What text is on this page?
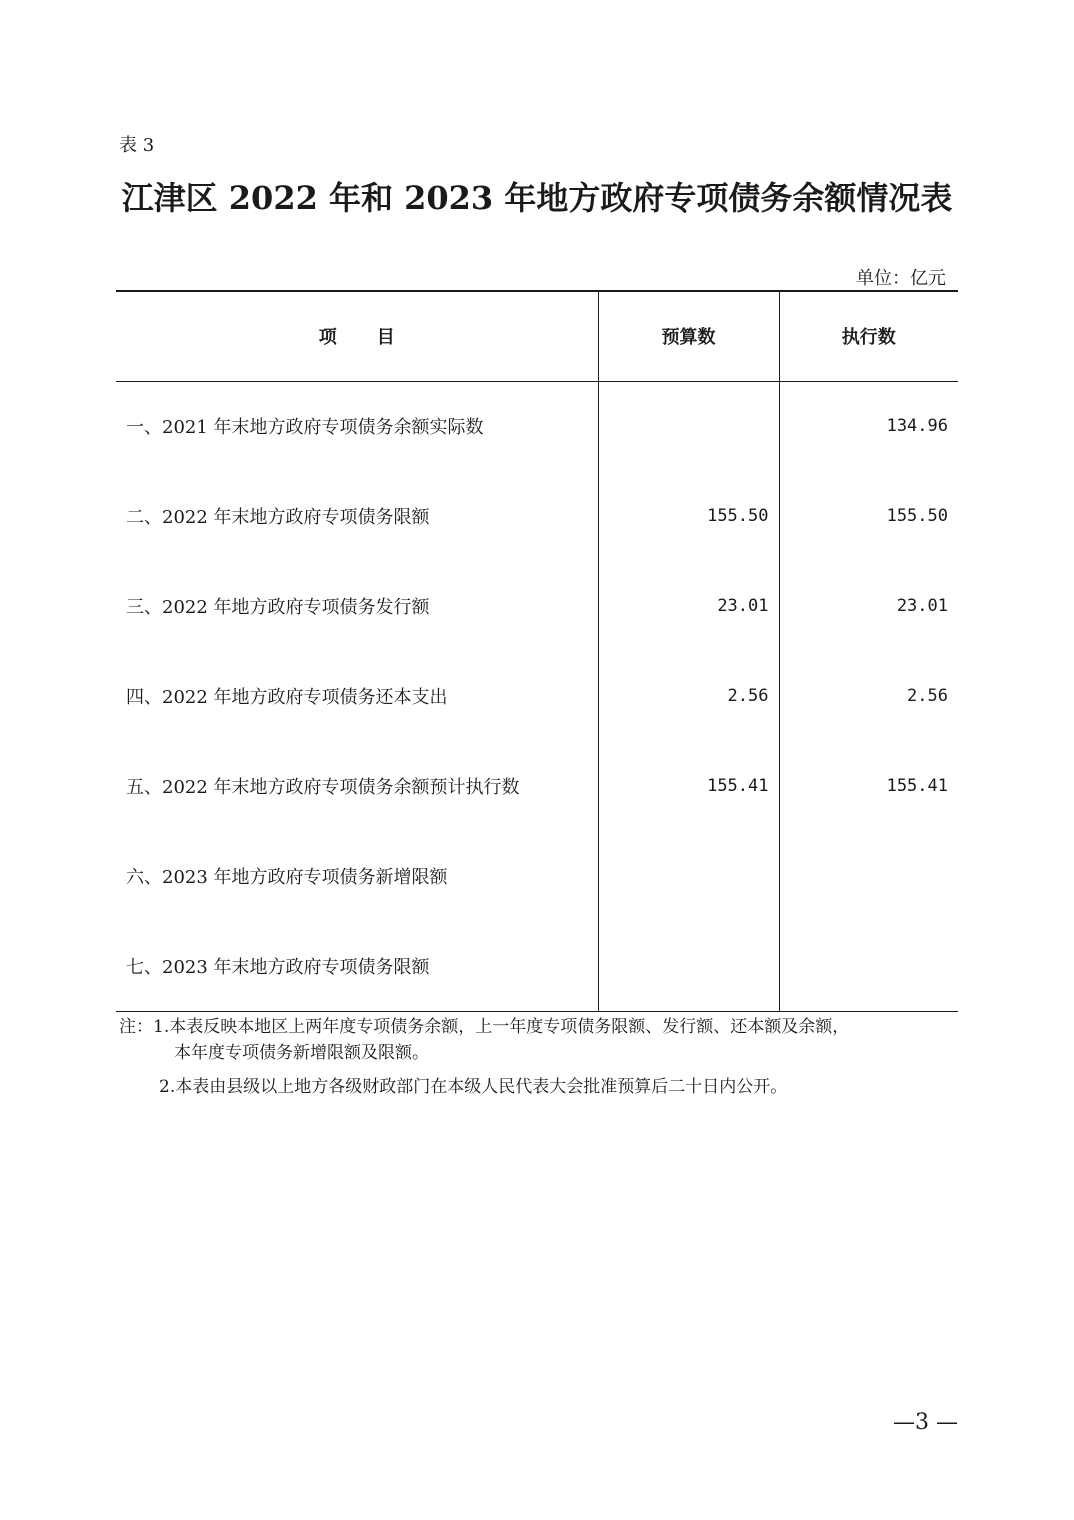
表 3
江津区 2022 年和 2023 年地方政府专项债务余额情况表
单位：亿元
项目	预算数	执行数
一、2021 年末地方政府专项债务余额实际数		134.96
二、2022 年末地方政府专项债务限额	155.50	155.50
三、2022 年地方政府专项债务发行额	23.01	23.01
四、2022 年地方政府专项债务还本支出	2.56	2.56
五、2022 年末地方政府专项债务余额预计执行数	155.41	155.41
六、2023 年地方政府专项债务新增限额		
七、2023 年末地方政府专项债务限额		
注：1.本表反映本地区上两年度专项债务余额，上一年度专项债务限额、发行额、还本额及余额，
本年度专项债务新增限额及限额。
2.本表由县级以上地方各级财政部门在本级人民代表大会批准预算后二十日内公开。
—3 —
